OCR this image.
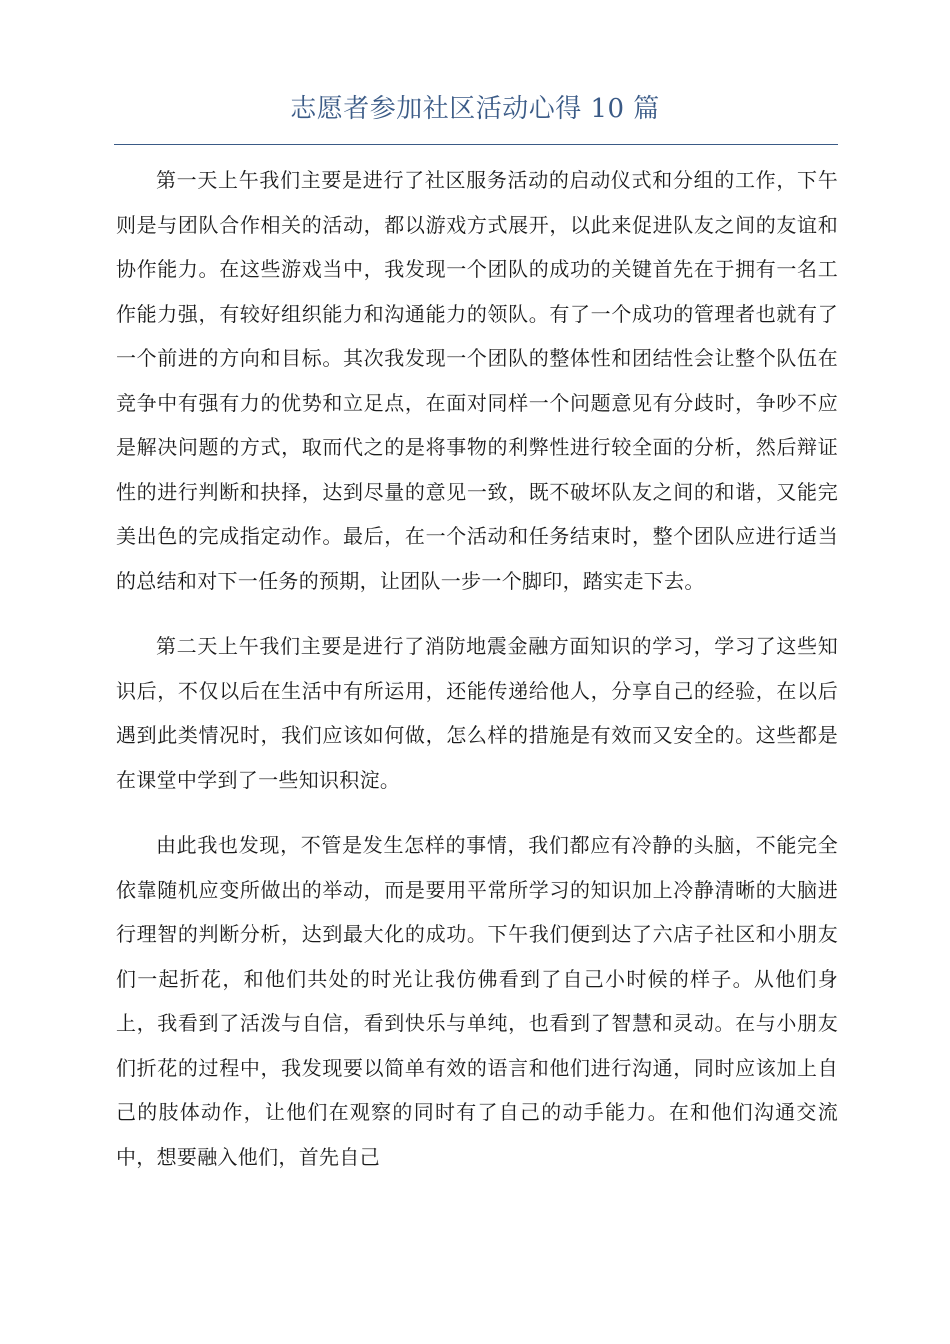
志愿者参加社区活动心得 10 篇

第一天上午我们主要是进行了社区服务活动的启动仪式和分组的工作，下午则是与团队合作相关的活动，都以游戏方式展开，以此来促进队友之间的友谊和协作能力。在这些游戏当中，我发现一个团队的成功的关键首先在于拥有一名工作能力强，有较好组织能力和沟通能力的领队。有了一个成功的管理者也就有了一个前进的方向和目标。其次我发现一个团队的整体性和团结性会让整个队伍在竞争中有强有力的优势和立足点，在面对同样一个问题意见有分歧时，争吵不应是解决问题的方式，取而代之的是将事物的利弊性进行较全面的分析，然后辩证性的进行判断和抉择，达到尽量的意见一致，既不破坏队友之间的和谐，又能完美出色的完成指定动作。最后，在一个活动和任务结束时，整个团队应进行适当的总结和对下一任务的预期，让团队一步一个脚印，踏实走下去。

第二天上午我们主要是进行了消防地震金融方面知识的学习，学习了这些知识后，不仅以后在生活中有所运用，还能传递给他人，分享自己的经验，在以后遇到此类情况时，我们应该如何做，怎么样的措施是有效而又安全的。这些都是在课堂中学到了一些知识积淀。

由此我也发现，不管是发生怎样的事情，我们都应有冷静的头脑，不能完全依靠随机应变所做出的举动，而是要用平常所学习的知识加上冷静清晰的大脑进行理智的判断分析，达到最大化的成功。下午我们便到达了六店子社区和小朋友们一起折花，和他们共处的时光让我仿佛看到了自己小时候的样子。从他们身上，我看到了活泼与自信，看到快乐与单纯，也看到了智慧和灵动。在与小朋友们折花的过程中，我发现要以简单有效的语言和他们进行沟通，同时应该加上自己的肢体动作，让他们在观察的同时有了自己的动手能力。在和他们沟通交流中，想要融入他们，首先自己
